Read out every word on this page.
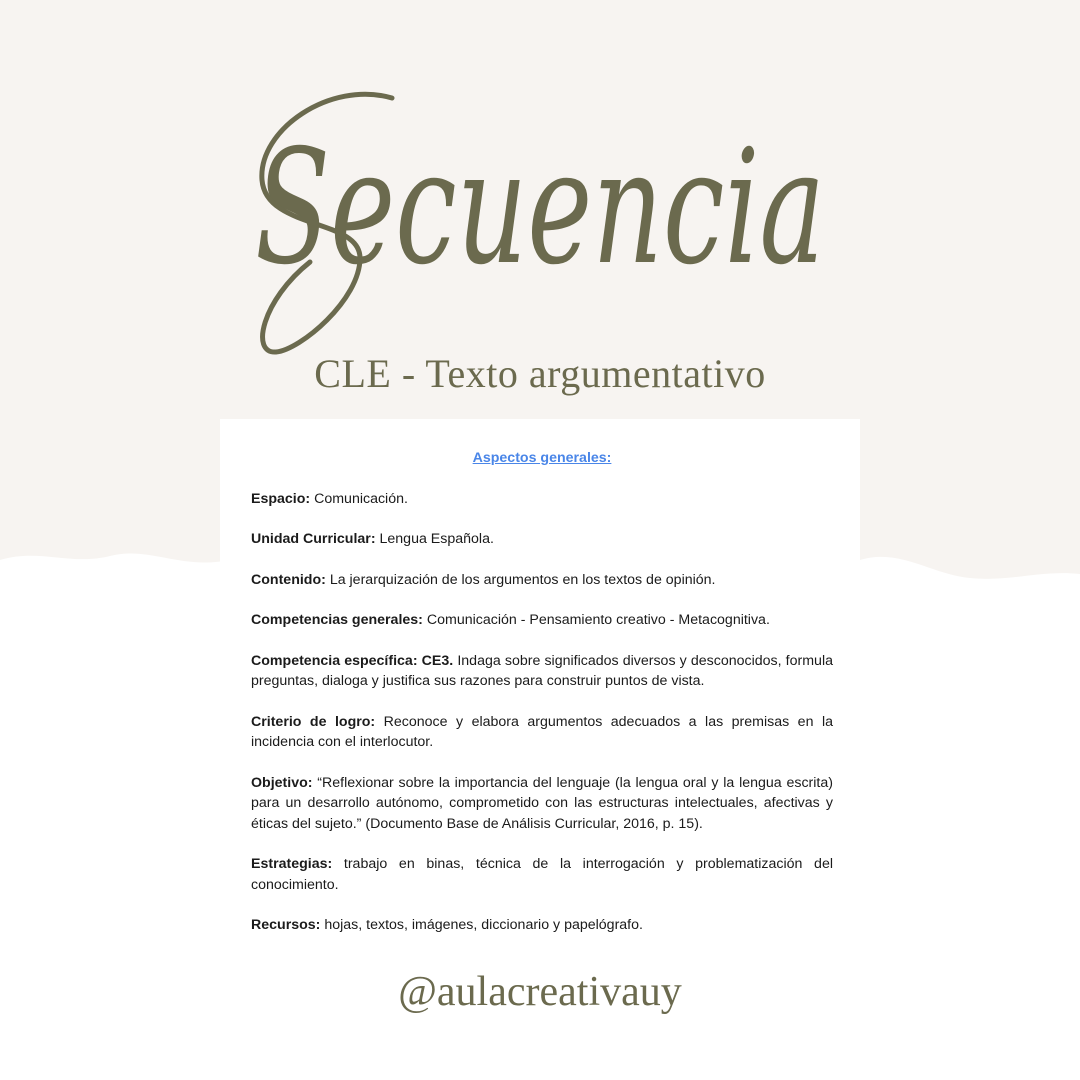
Secuencia
CLE - Texto argumentativo
Aspectos generales:

Espacio: Comunicación.

Unidad Curricular: Lengua Española.

Contenido: La jerarquización de los argumentos en los textos de opinión.

Competencias generales: Comunicación - Pensamiento creativo - Metacognitiva.

Competencia específica: CE3. Indaga sobre significados diversos y desconocidos, formula preguntas, dialoga y justifica sus razones para construir puntos de vista.

Criterio de logro: Reconoce y elabora argumentos adecuados a las premisas en la incidencia con el interlocutor.

Objetivo: “Reflexionar sobre la importancia del lenguaje (la lengua oral y la lengua escrita) para un desarrollo autónomo, comprometido con las estructuras intelectuales, afectivas y éticas del sujeto.” (Documento Base de Análisis Curricular, 2016, p. 15).

Estrategias: trabajo en binas, técnica de la interrogación y problematización del conocimiento.

Recursos: hojas, textos, imágenes, diccionario y papelógrafo.

@aulacreativauy
